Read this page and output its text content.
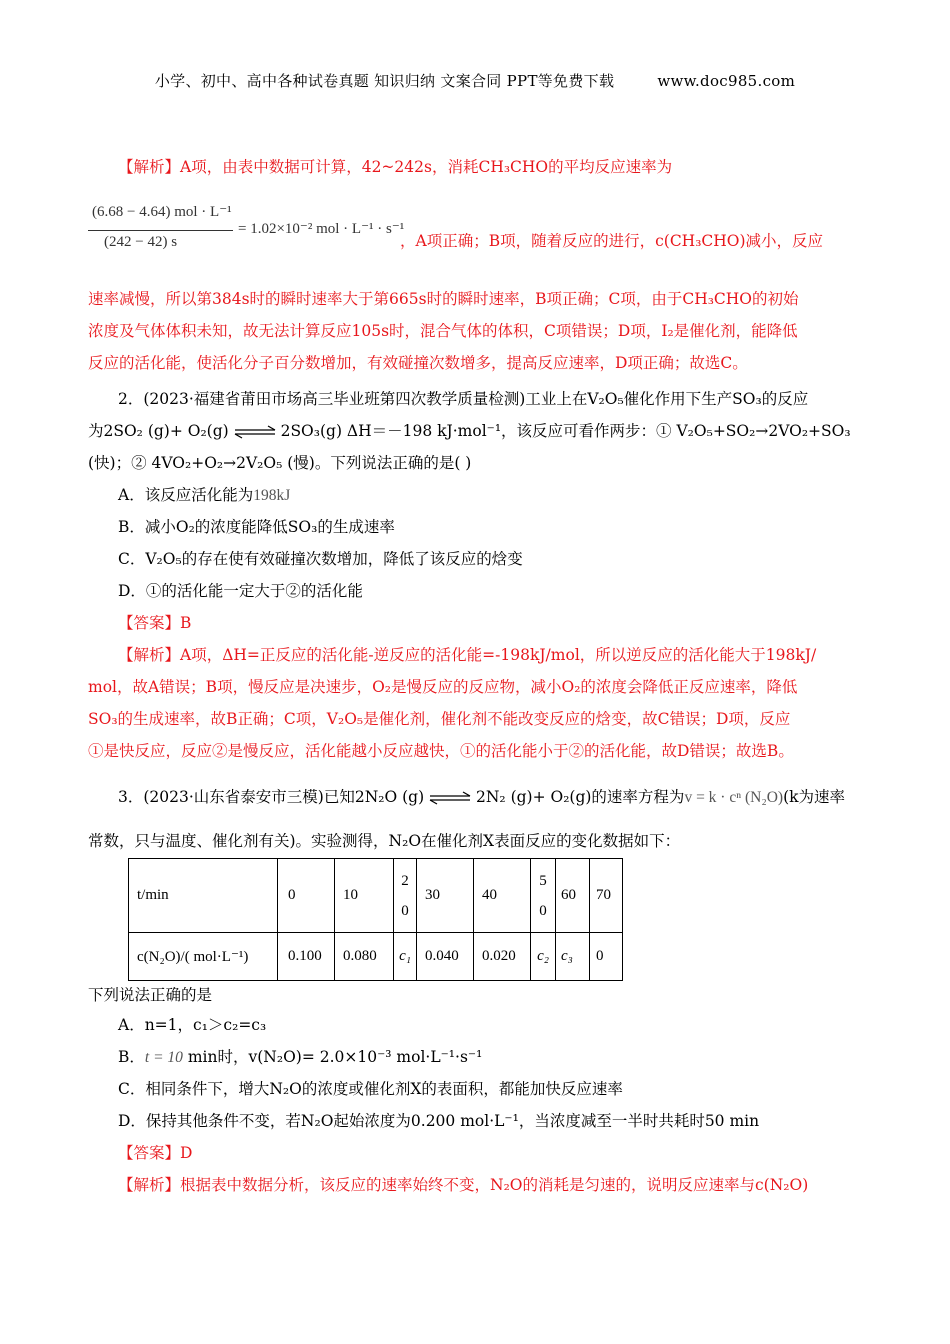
小学、初中、高中各种试卷真题 知识归纳 文案合同 PPT等免费下载	www.doc985.com
【解析】A项，由表中数据可计算，42~242s，消耗CH₃CHO的平均反应速率为
(6.68 − 4.64) mol · L⁻¹
(242 − 42) s
= 1.02×10⁻² mol · L⁻¹ · s⁻¹
，A项正确；B项，随着反应的进行，c(CH₃CHO)减小，反应
速率减慢，所以第384s时的瞬时速率大于第665s时的瞬时速率，B项正确；C项，由于CH₃CHO的初始
浓度及气体体积未知，故无法计算反应105s时，混合气体的体积，C项错误；D项，I₂是催化剂，能降低
反应的活化能，使活化分子百分数增加，有效碰撞次数增多，提高反应速率，D项正确；故选C。
2．(2023·福建省莆田市场高三毕业班第四次教学质量检测)工业上在V₂O₅催化作用下生产SO₃的反应
为2SO₂ (g)+ O₂(g) ⇌ 2SO₃(g) ΔH＝－198 kJ·mol⁻¹，该反应可看作两步：① V₂O₅+SO₂→2VO₂+SO₃
(快)；② 4VO₂+O₂→2V₂O₅ (慢)。下列说法正确的是( )
A．该反应活化能为198kJ
B．减小O₂的浓度能降低SO₃的生成速率
C．V₂O₅的存在使有效碰撞次数增加，降低了该反应的焓变
D．①的活化能一定大于②的活化能
【答案】B
【解析】A项，ΔH=正反应的活化能-逆反应的活化能=-198kJ/mol，所以逆反应的活化能大于198kJ/
mol，故A错误；B项，慢反应是决速步，O₂是慢反应的反应物，减小O₂的浓度会降低正反应速率，降低
SO₃的生成速率，故B正确；C项，V₂O₅是催化剂，催化剂不能改变反应的焓变，故C错误；D项，反应
①是快反应，反应②是慢反应，活化能越小反应越快，①的活化能小于②的活化能，故D错误；故选B。
3．(2023·山东省泰安市三模)已知2N₂O (g) ⇌ 2N₂ (g)+ O₂(g)的速率方程为v = k · cⁿ (N₂O)(k为速率
常数，只与温度、催化剂有关)。实验测得，N₂O在催化剂X表面反应的变化数据如下：
t/min	0	10	20	30	40	50	60	70
c(N₂O)/( mol·L⁻¹)	0.100	0.080	c₁	0.040	0.020	c₂	c₃	0
下列说法正确的是
A．n=1，c₁＞c₂=c₃
B．t = 10 min时，v(N₂O)= 2.0×10⁻³ mol·L⁻¹·s⁻¹
C．相同条件下，增大N₂O的浓度或催化剂X的表面积，都能加快反应速率
D．保持其他条件不变，若N₂O起始浓度为0.200 mol·L⁻¹，当浓度减至一半时共耗时50 min
【答案】D
【解析】根据表中数据分析，该反应的速率始终不变，N₂O的消耗是匀速的，说明反应速率与c(N₂O)
